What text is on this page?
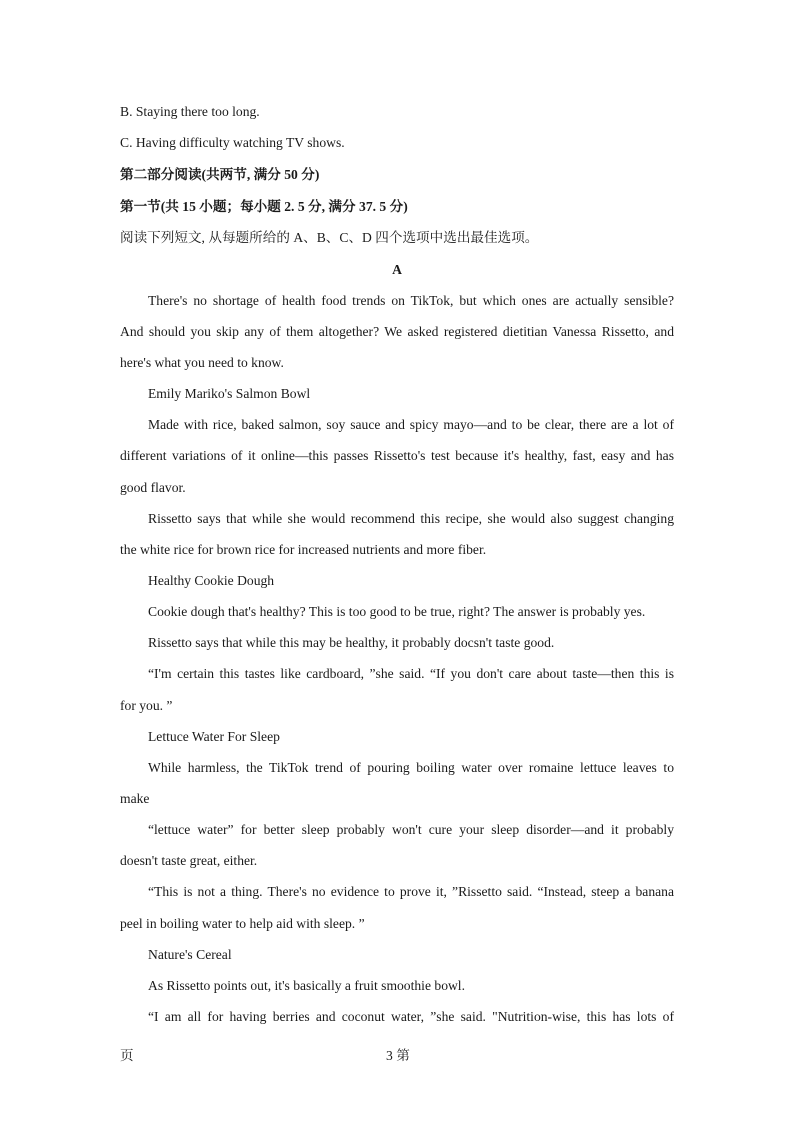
B. Staying there too long.
C. Having difficulty watching TV shows.
第二部分阅读(共两节, 满分 50 分)
第一节(共 15 小题；每小题 2. 5 分, 满分 37. 5 分)
阅读下列短文, 从每题所给的 A、B、C、D 四个选项中选出最佳选项。
A
There's no shortage of health food trends on TikTok, but which ones are actually sensible?
And should you skip any of them altogether? We asked registered dietitian Vanessa Rissetto, and
here's what you need to know.
Emily Mariko's Salmon Bowl
Made with rice, baked salmon, soy sauce and spicy mayo—and to be clear, there are a lot of
different variations of it online—this passes Rissetto's test because it's healthy, fast, easy and has
good flavor.
Rissetto says that while she would recommend this recipe, she would also suggest changing
the white rice for brown rice for increased nutrients and more fiber.
Healthy Cookie Dough
Cookie dough that's healthy? This is too good to be true, right? The answer is probably yes.
Rissetto says that while this may be healthy, it probably docsn't taste good.
“I'm certain this tastes like cardboard, ”she said. “If you don't care about taste—then this is
for you. ”
Lettuce Water For Sleep
While harmless, the TikTok trend of pouring boiling water over romaine lettuce leaves to
make
“lettuce water” for better sleep probably won't cure your sleep disorder—and it probably
doesn't taste great, either.
“This is not a thing. There's no evidence to prove it, ”Rissetto said. “Instead, steep a banana
peel in boiling water to help aid with sleep. ”
Nature's Cereal
As Rissetto points out, it's basically a fruit smoothie bowl.
“I am all for having berries and coconut water, ”she said. "Nutrition-wise, this has lots of
页	3 第
